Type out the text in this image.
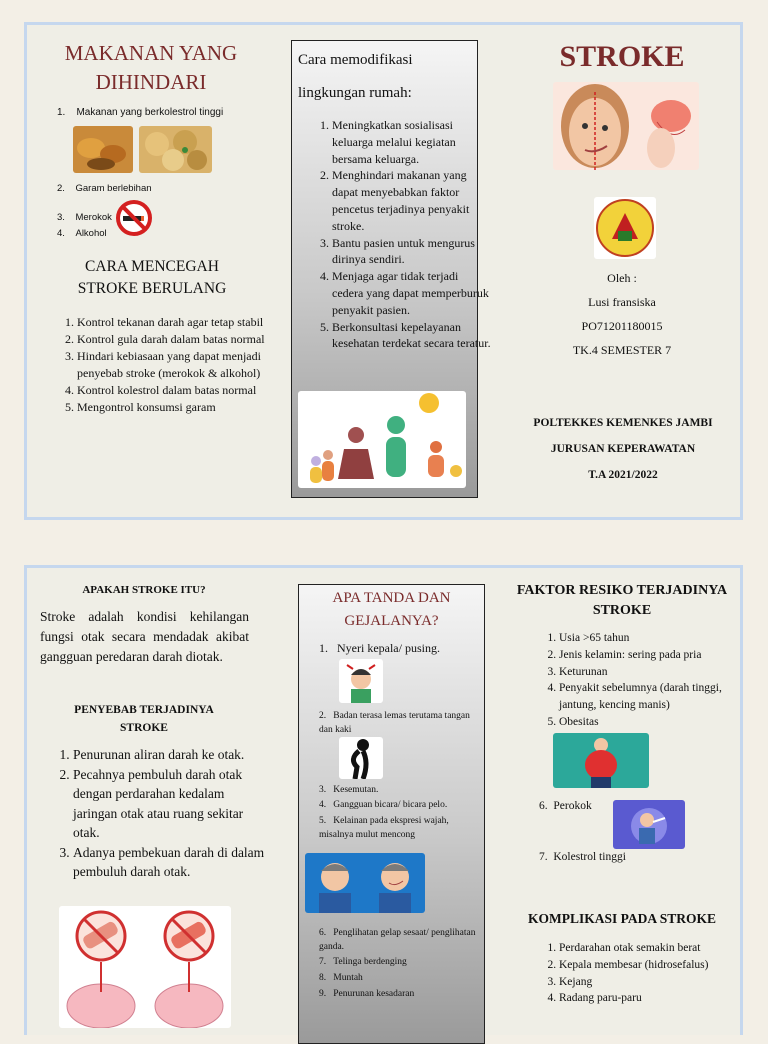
MAKANAN YANG DIHINDARI
1.    Makanan yang berkolestrol tinggi
2.    Garam berlebihan
3.    Merokok
4.    Alkohol
CARA MENCEGAH STROKE BERULANG
1. Kontrol tekanan darah agar tetap stabil
2. Kontrol gula darah dalam batas normal
3. Hindari kebiasaan yang dapat menjadi penyebab stroke (merokok & alkohol)
4. Kontrol kolestrol dalam batas normal
5. Mengontrol konsumsi garam
Cara memodifikasi lingkungan rumah:
1. Meningkatkan sosialisasi keluarga melalui kegiatan bersama keluarga.
2. Menghindari makanan yang dapat menyebabkan faktor pencetus terjadinya penyakit stroke.
3. Bantu pasien untuk mengurus dirinya sendiri.
4. Menjaga agar tidak terjadi cedera yang dapat memperburuk penyakit pasien.
5. Berkonsultasi kepelayanan kesehatan terdekat secara teratur.
STROKE
Oleh :
Lusi fransiska
PO71201180015
TK.4 SEMESTER 7
POLTEKKES KEMENKES JAMBI
JURUSAN KEPERAWATAN
T.A 2021/2022
APAKAH STROKE ITU?
Stroke adalah kondisi kehilangan fungsi otak secara mendadak akibat gangguan peredaran darah diotak.
PENYEBAB TERJADINYA STROKE
1. Penurunan aliran darah ke otak.
2. Pecahnya pembuluh darah otak dengan perdarahan kedalam jaringan otak atau ruang sekitar otak.
3. Adanya pembekuan darah di dalam pembuluh darah otak.
APA TANDA DAN GEJALANYA?
1.   Nyeri kepala/ pusing.
2.   Badan terasa lemas terutama tangan dan kaki
3.   Kesemutan.
4.   Gangguan bicara/ bicara pelo.
5.   Kelainan pada ekspresi wajah, misalnya mulut mencong
6.   Penglihatan gelap sesaat/ penglihatan ganda.
7.   Telinga berdenging
8.   Muntah
9.   Penurunan kesadaran
FAKTOR RESIKO TERJADINYA STROKE
1. Usia >65 tahun
2. Jenis kelamin: sering pada pria
3. Keturunan
4. Penyakit sebelumnya (darah tinggi, jantung, kencing manis)
5. Obesitas
6.  Perokok
7.  Kolestrol tinggi
KOMPLIKASI PADA STROKE
1. Perdarahan otak semakin berat
2. Kepala membesar (hidrosefalus)
3. Kejang
4. Radang paru-paru
